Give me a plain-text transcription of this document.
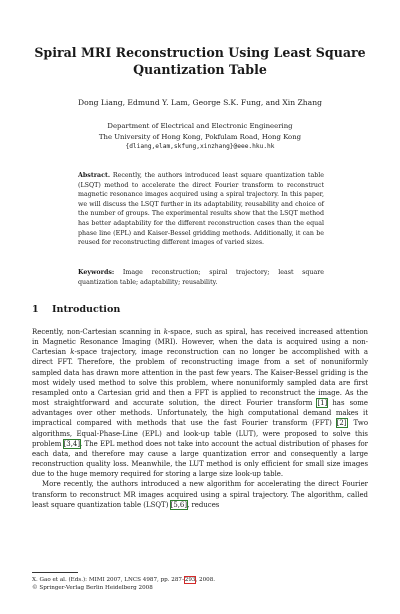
Spiral MRI Reconstruction Using Least Square
Quantization Table
Dong Liang, Edmund Y. Lam, George S.K. Fung, and Xin Zhang
Department of Electrical and Electronic Engineering
The University of Hong Kong, Pokfulam Road, Hong Kong
{dliang,elam,skfung,xinzhang}@eee.hku.hk
Abstract. Recently, the authors introduced least square quantization table (LSQT) method to accelerate the direct Fourier transform to reconstruct magnetic resonance images acquired using a spiral trajectory. In this paper, we will discuss the LSQT further in its adaptability, reusability and choice of the number of groups. The experimental results show that the LSQT method has better adaptability for the different reconstruction cases than the equal phase line (EPL) and Kaiser-Bessel gridding methods. Additionally, it can be reused for reconstructing different images of varied sizes.
Keywords: Image reconstruction; spiral trajectory; least square quantization table; adaptability; reusability.
1 Introduction

Recently, non-Cartesian scanning in k-space, such as spiral, has received increased attention in Magnetic Resonance Imaging (MRI). However, when the data is acquired using a non-Cartesian k-space trajectory, image reconstruction can no longer be accomplished with a direct FFT. Therefore, the problem of reconstructing image from a set of nonuniformly sampled data has drawn more attention in the past few years. The Kaiser-Bessel griding is the most widely used method to solve this problem, where nonuniformly sampled data are first resampled onto a Cartesian grid and then a FFT is applied to reconstruct the image. As the most straightforward and accurate solution, the direct Fourier transform [1] has some advantages over other methods. Unfortunately, the high computational demand makes it impractical compared with methods that use the fast Fourier transform (FFT) [2]. Two algorithms, Equal-Phase-Line (EPL) and look-up table (LUT), were proposed to solve this problem [3,4]. The EPL method does not take into account the actual distribution of phases for each data, and therefore may cause a large quantization error and consequently a large reconstruction quality loss. Meanwhile, the LUT method is only efficient for small size images due to the huge memory required for storing a large size look-up table.

More recently, the authors introduced a new algorithm for accelerating the direct Fourier transform to reconstruct MR images acquired using a spiral trajectory. The algorithm, called least square quantization table (LSQT) [5,6], reduces

X. Gao et al. (Eds.): MIMI 2007, LNCS 4987, pp. 287–293, 2008.
© Springer-Verlag Berlin Heidelberg 2008
